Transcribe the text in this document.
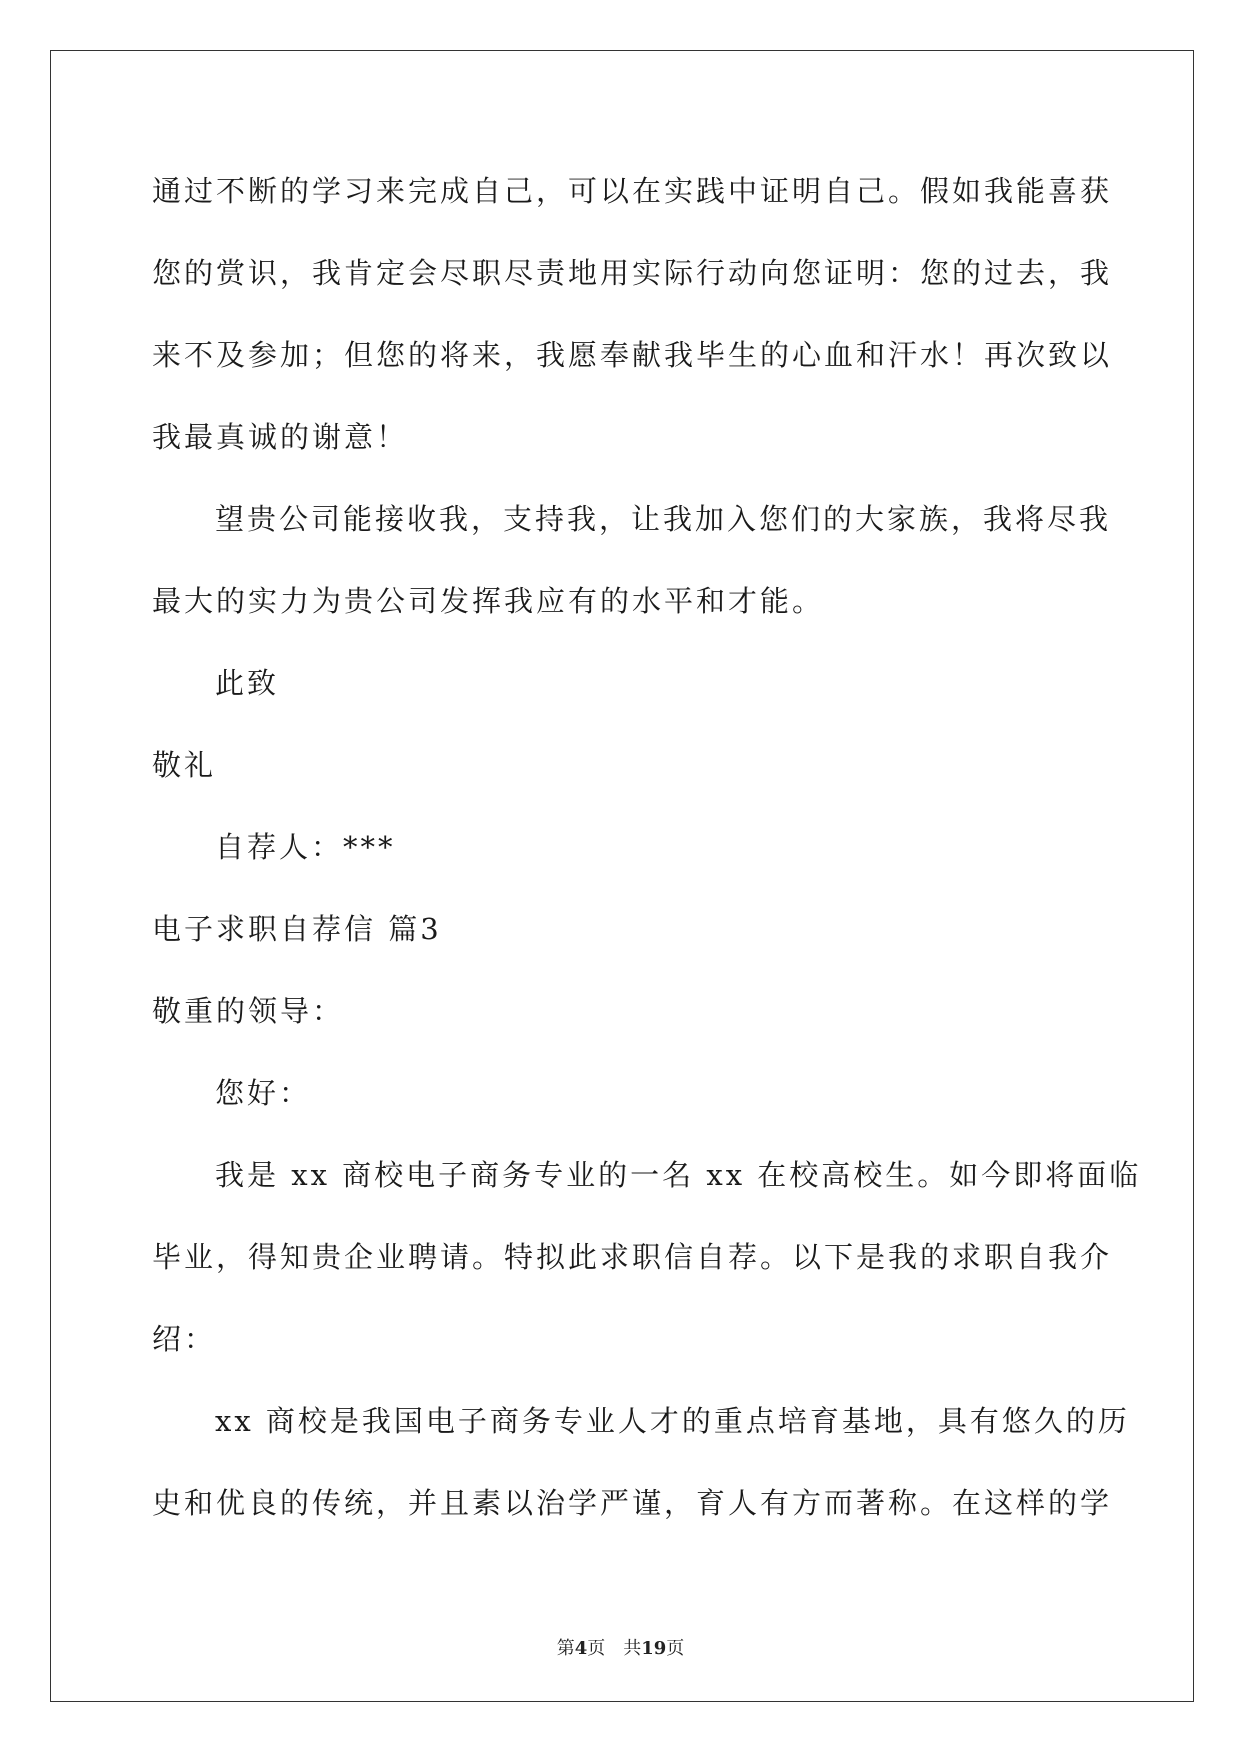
通过不断的学习来完成自己，可以在实践中证明自己。假如我能喜获

您的赏识，我肯定会尽职尽责地用实际行动向您证明：您的过去，我

来不及参加；但您的将来，我愿奉献我毕生的心血和汗水！再次致以

我最真诚的谢意！

望贵公司能接收我，支持我，让我加入您们的大家族，我将尽我

最大的实力为贵公司发挥我应有的水平和才能。

此致

敬礼

自荐人：***

电子求职自荐信 篇3

敬重的领导：

您好：

我是 xx 商校电子商务专业的一名 xx 在校高校生。如今即将面临

毕业，得知贵企业聘请。特拟此求职信自荐。以下是我的求职自我介

绍：

xx 商校是我国电子商务专业人才的重点培育基地，具有悠久的历

史和优良的传统，并且素以治学严谨，育人有方而著称。在这样的学

第4页　共19页
